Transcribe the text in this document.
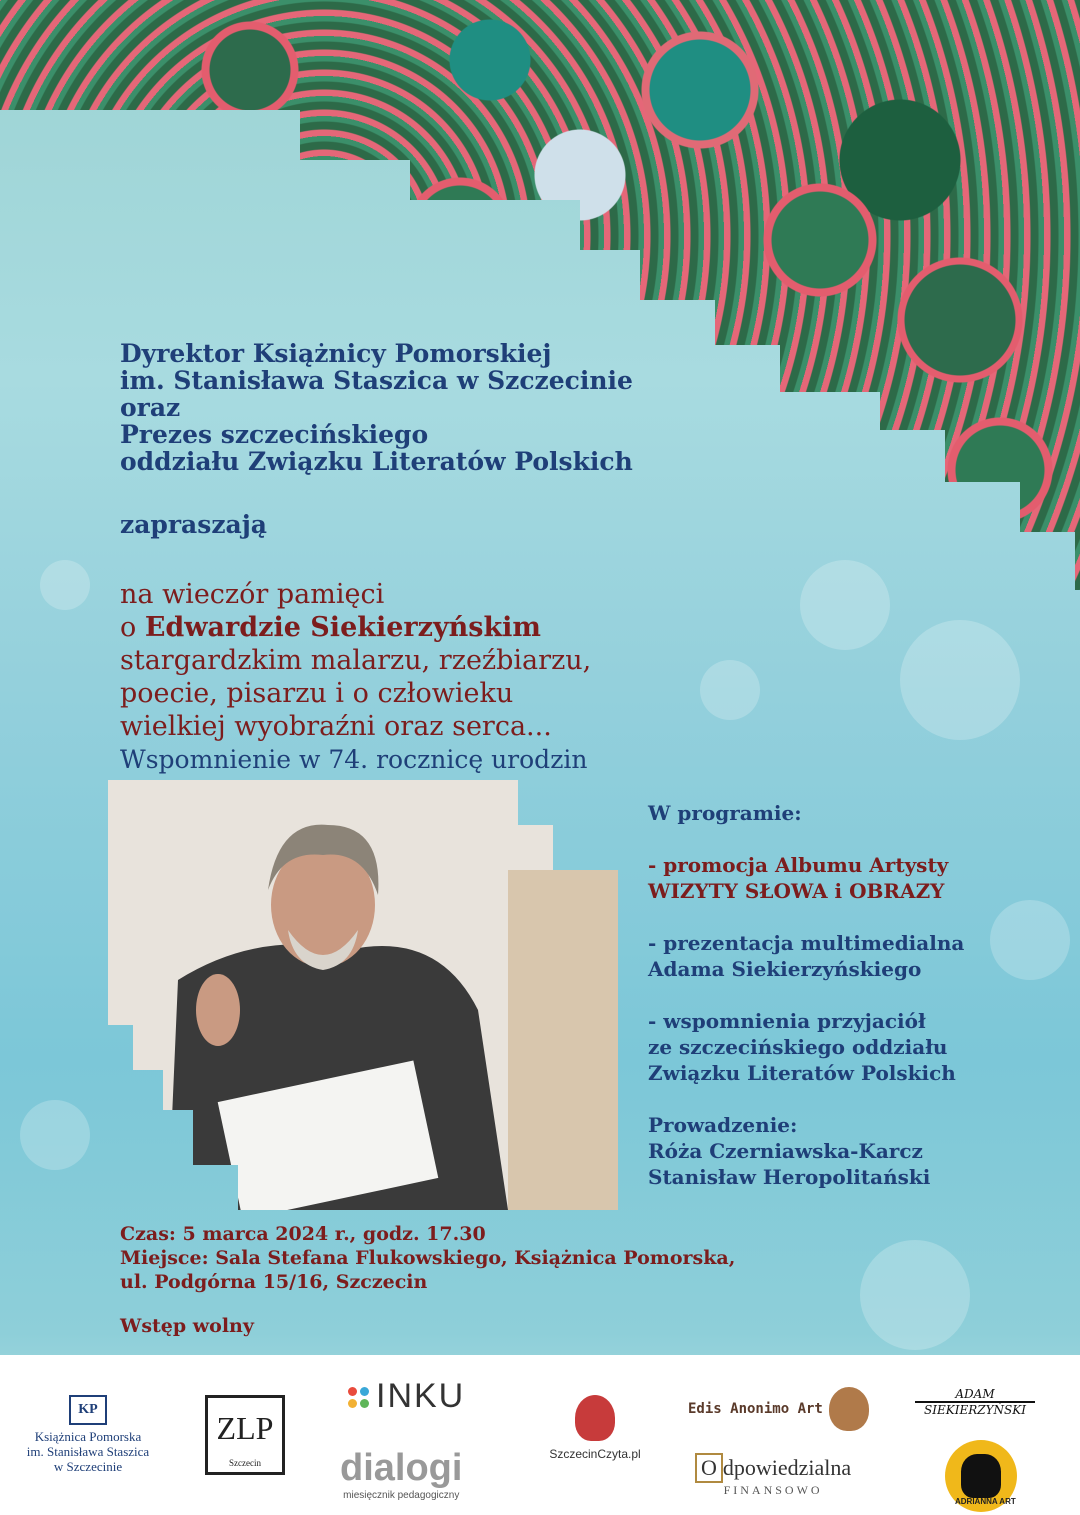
Dyrektor Książnicy Pomorskiej
im. Stanisława Staszica w Szczecinie
oraz
Prezes szczecińskiego
oddziału Związku Literatów Polskich
zapraszają
na wieczór pamięci
o Edwardzie Siekierzyńskim
stargardzkim malarzu, rzeźbiarzu,
poecie, pisarzu i o człowieku
wielkiej wyobraźni oraz serca...
Wspomnienie w 74. rocznicę urodzin
W programie:
- promocja Albumu Artysty
WIZYTY SŁOWA i OBRAZY
- prezentacja multimedialna
Adama Siekierzyńskiego
- wspomnienia przyjaciół
ze szczecińskiego oddziału
Związku Literatów Polskich
Prowadzenie:
Róża Czerniawska-Karcz
Stanisław Heropolitański
Czas: 5 marca 2024 r., godz. 17.30
Miejsce: Sala Stefana Flukowskiego, Książnica Pomorska,
ul. Podgórna 15/16, Szczecin
Wstęp wolny
KP
Książnica Pomorska
im. Stanisława Staszica
w Szczecinie
ZLP
Szczecin
INKU
dialogi
miesięcznik pedagogiczny
SzczecinCzyta.pl
Edis Anonimo Art
O dpowiedzialna
FINANSOWO
ADAM
SIEKIERZYŃSKI
ADRIANNA ART
